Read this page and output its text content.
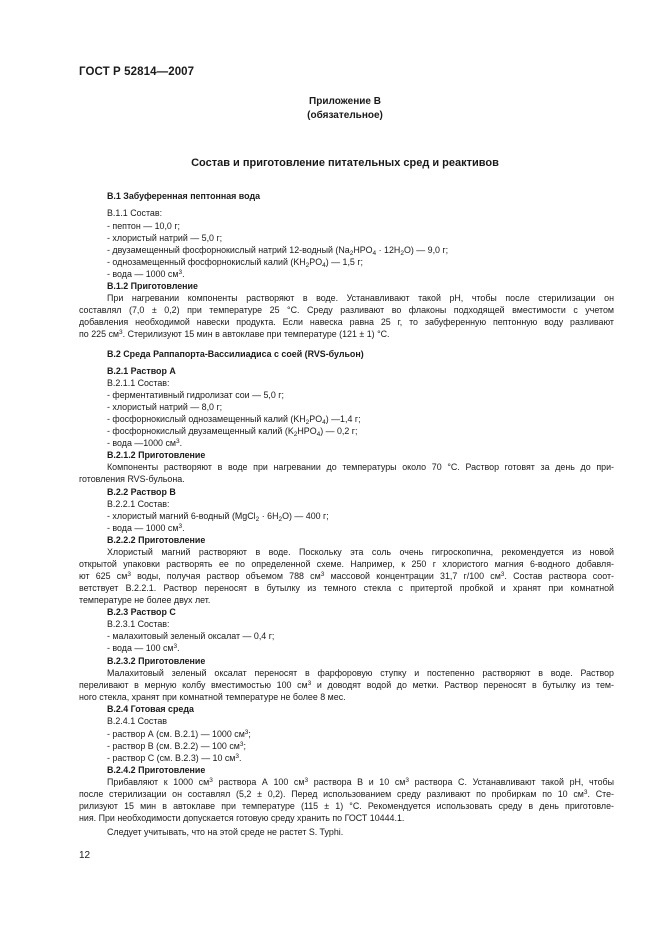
ГОСТ Р 52814—2007
Приложение В
(обязательное)
Состав и приготовление питательных сред и реактивов
В.1 Забуференная пептонная вода
В.1.1 Состав:
- пептон — 10,0 г;
- хлористый натрий — 5,0 г;
- двузамещенный фосфорнокислый натрий 12-водный $(Na_2HPO_4 \cdot 12H_2O)$ — 9,0 г;
- однозамещенный фосфорнокислый калий $(KH_2PO_4)$ — 1,5 г;
- вода — 1000 $см^3$.
В.1.2 Приготовление
При нагревании компоненты растворяют в воде. Устанавливают такой pH, чтобы после стерилизации он
составлял (7,0 ± 0,2) при температуре 25 °С. Среду разливают во флаконы подходящей вместимости с учетом
добавления необходимой навески продукта. Если навеска равна 25 г, то забуференную пептонную воду разливают
по 225 $см^3$. Стерилизуют 15 мин в автоклаве при температуре (121 ± 1) °С.
В.2 Среда Раппапорта-Вассилиадиса с соей (RVS-бульон)
В.2.1 Раствор А
В.2.1.1 Состав:
- ферментативный гидролизат сои — 5,0 г;
- хлористый натрий — 8,0 г;
- фосфорнокислый однозамещенный калий $(KH_2PO_4)$ —1,4 г;
- фосфорнокислый двузамещенный калий $(K_2HPO_4)$ — 0,2 г;
- вода —1000 $см^3$.
В.2.1.2 Приготовление
Компоненты растворяют в воде при нагревании до температуры около 70 °С. Раствор готовят за день до при-
готовления RVS-бульона.
В.2.2 Раствор В
В.2.2.1 Состав:
- хлористый магний 6-водный (MgCl$_2$ · $6H_2O$) — 400 г;
- вода — 1000 $см^3$.
В.2.2.2 Приготовление
Хлористый магний растворяют в воде. Поскольку эта соль очень гигроскопична, рекомендуется из новой
открытой упаковки растворять ее по определенной схеме. Например, к 250 г хлористого магния 6-водного добавля-
ют 625 $см^3$ воды, получая раствор объемом 788 $см^3$ массовой концентрации 31,7 г/100 $см^3$. Состав раствора соот-
ветствует В.2.2.1. Раствор переносят в бутылку из темного стекла с притертой пробкой и хранят при комнатной
температуре не более двух лет.
В.2.3 Раствор С
В.2.3.1 Состав:
- малахитовый зеленый оксалат — 0,4 г;
- вода — 100 $см^3$.
В.2.3.2 Приготовление
Малахитовый зеленый оксалат переносят в фарфоровую ступку и постепенно растворяют в воде. Раствор
переливают в мерную колбу вместимостью 100 $см^3$ и доводят водой до метки. Раствор переносят в бутылку из тем-
ного стекла, хранят при комнатной температуре не более 8 мес.
В.2.4 Готовая среда
В.2.4.1 Состав
- раствор А (см. В.2.1) — 1000 $см^3$;
- раствор В (см. В.2.2) — 100 $см^3$;
- раствор С (см. В.2.3) — 10 $см^3$.
В.2.4.2 Приготовление
Прибавляют к 1000 $см^3$ раствора А 100 $см^3$ раствора В и 10 $см^3$ раствора С. Устанавливают такой pH, чтобы
после стерилизации он составлял (5,2 ± 0,2). Перед использованием среду разливают по пробиркам по 10 $см^3$. Сте-
рилизуют 15 мин в автоклаве при температуре (115 ± 1) °С. Рекомендуется использовать среду в день приготовле-
ния. При необходимости допускается готовую среду хранить по ГОСТ 10444.1.
Следует учитывать, что на этой среде не растет S. Typhi.
12
